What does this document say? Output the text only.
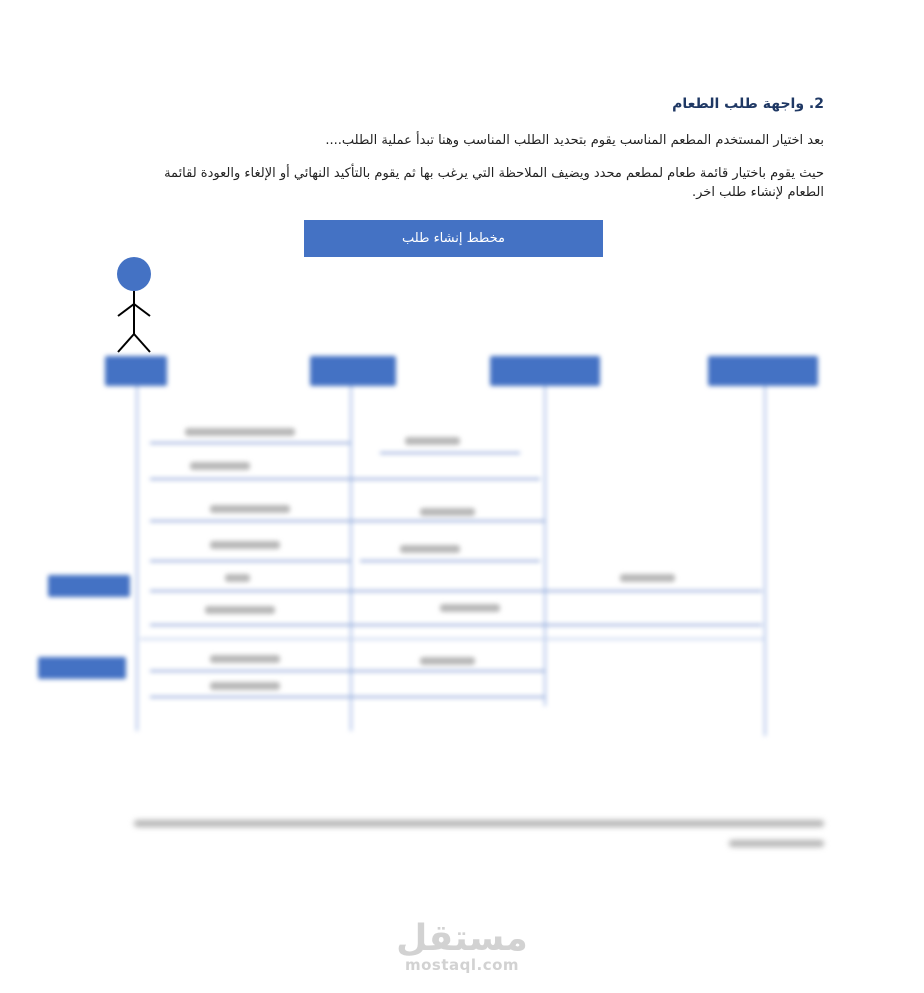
2. واجهة طلب الطعام
بعد اختيار المستخدم المطعم المناسب يقوم بتحديد الطلب المناسب وهنا تبدأ عملية الطلب....
حيث يقوم باختيار قائمة طعام لمطعم محدد ويضيف الملاحظة التي يرغب بها ثم يقوم بالتأكيد النهائي أو الإلغاء والعودة لقائمة الطعام لإنشاء طلب اخر.
مخطط إنشاء طلب
مستقل
mostaql.com
